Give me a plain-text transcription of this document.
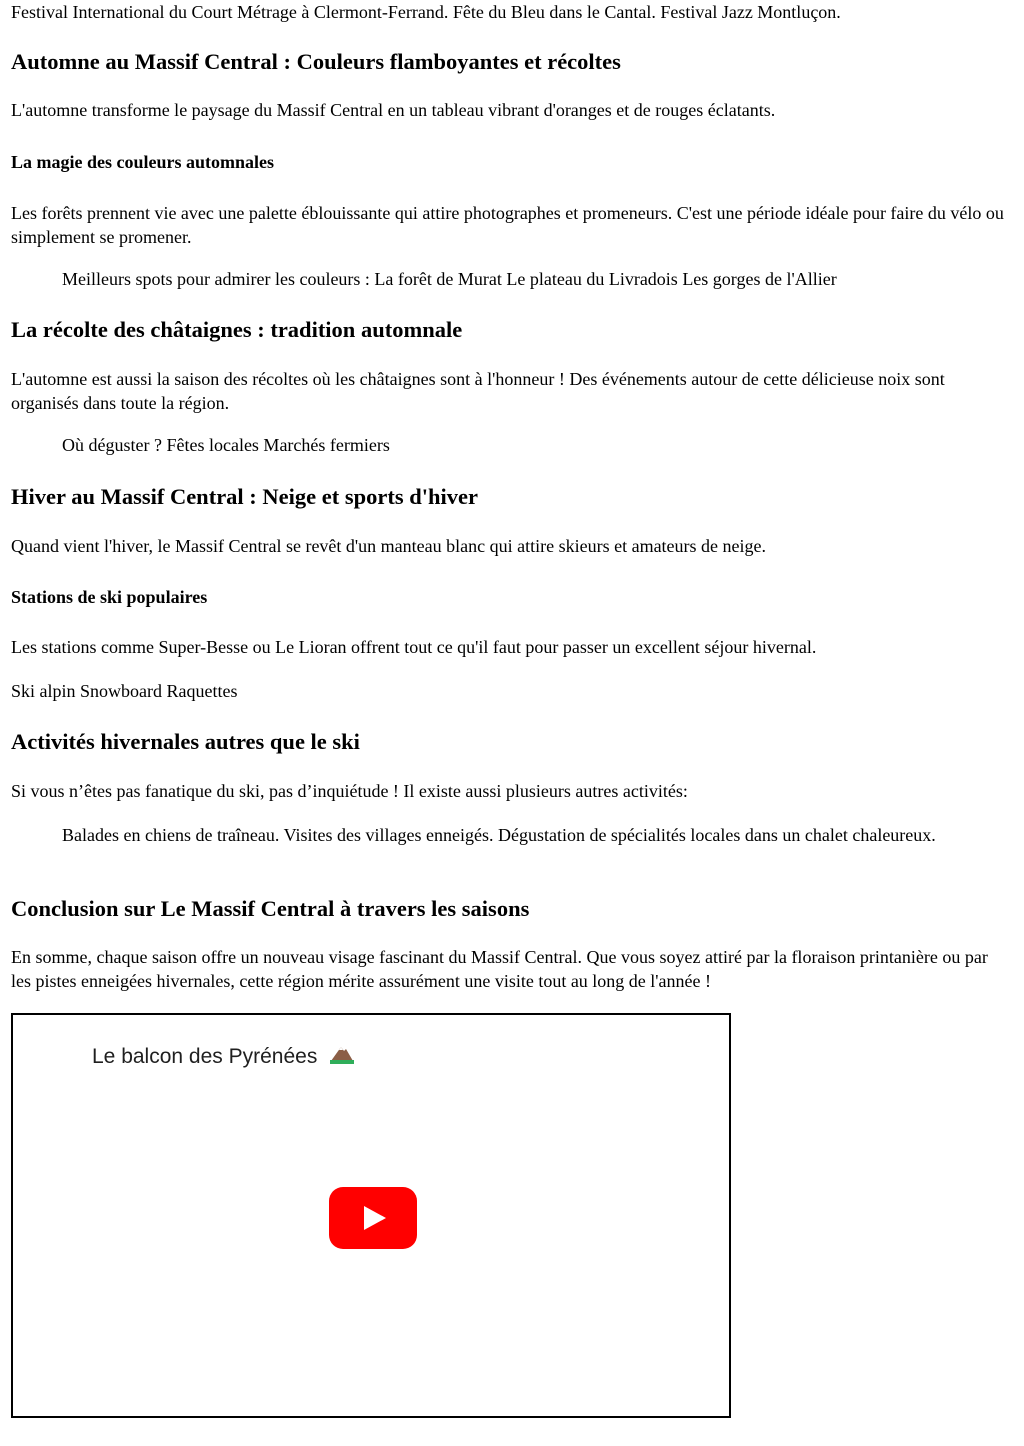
Festival International du Court Métrage à Clermont-Ferrand. Fête du Bleu dans le Cantal. Festival Jazz Montluçon.

Automne au Massif Central : Couleurs flamboyantes et récoltes

L'automne transforme le paysage du Massif Central en un tableau vibrant d'oranges et de rouges éclatants.

La magie des couleurs automnales

Les forêts prennent vie avec une palette éblouissante qui attire photographes et promeneurs. C'est une période idéale pour faire du vélo ou simplement se promener.

Meilleurs spots pour admirer les couleurs : La forêt de Murat Le plateau du Livradois Les gorges de l'Allier

La récolte des châtaignes : tradition automnale

L'automne est aussi la saison des récoltes où les châtaignes sont à l'honneur ! Des événements autour de cette délicieuse noix sont organisés dans toute la région.

Où déguster ? Fêtes locales Marchés fermiers

Hiver au Massif Central : Neige et sports d'hiver

Quand vient l'hiver, le Massif Central se revêt d'un manteau blanc qui attire skieurs et amateurs de neige.

Stations de ski populaires

Les stations comme Super-Besse ou Le Lioran offrent tout ce qu'il faut pour passer un excellent séjour hivernal.

Ski alpin Snowboard Raquettes

Activités hivernales autres que le ski

Si vous n’êtes pas fanatique du ski, pas d’inquiétude ! Il existe aussi plusieurs autres activités:

Balades en chiens de traîneau. Visites des villages enneigés. Dégustation de spécialités locales dans un chalet chaleureux.

Conclusion sur Le Massif Central à travers les saisons

En somme, chaque saison offre un nouveau visage fascinant du Massif Central. Que vous soyez attiré par la floraison printanière ou par les pistes enneigées hivernales, cette région mérite assurément une visite tout au long de l'année !

Le balcon des Pyrénées
